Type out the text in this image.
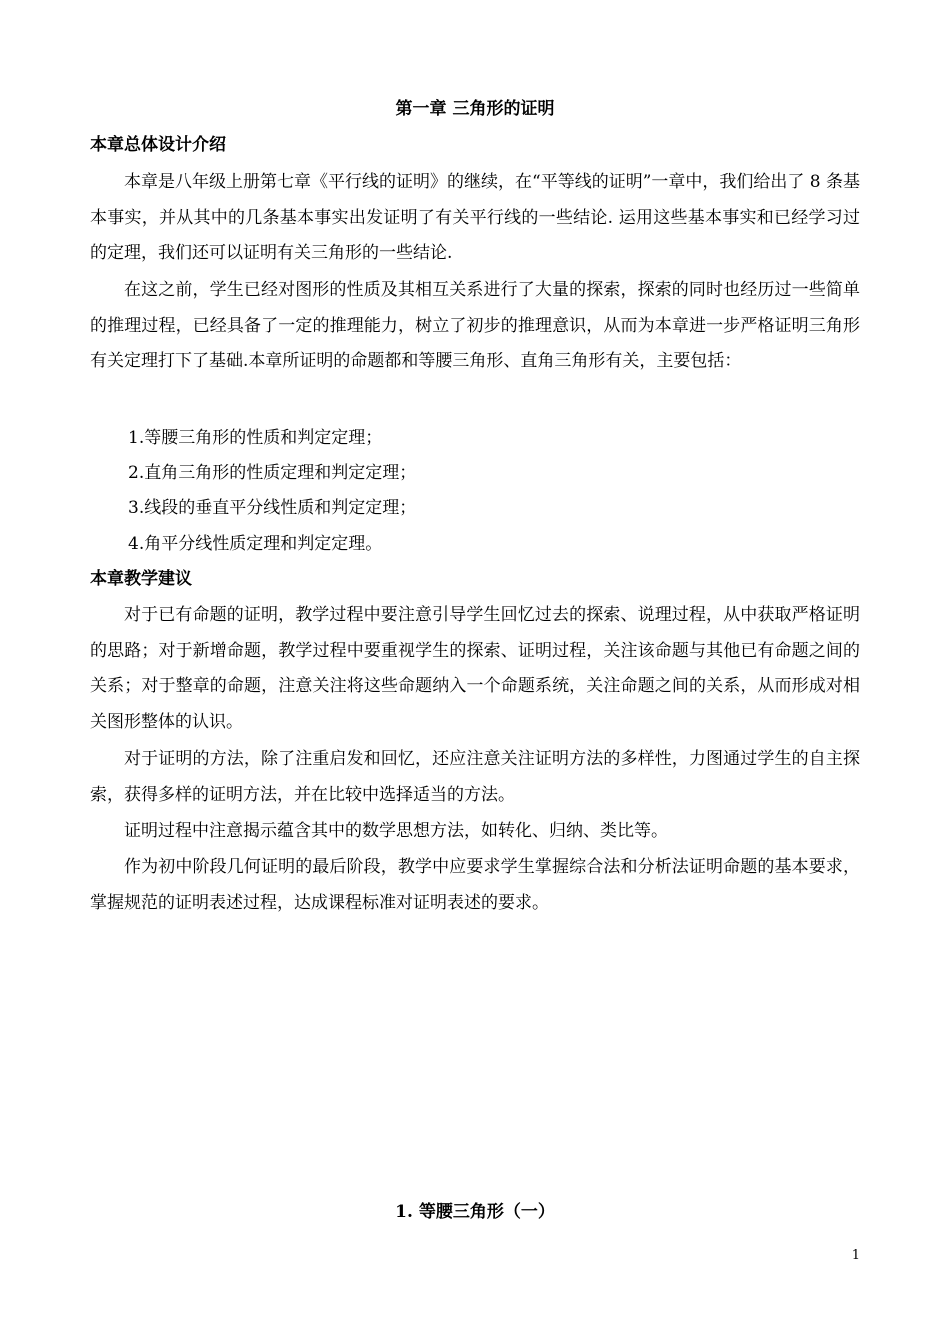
第一章 三角形的证明
本章总体设计介绍

本章是八年级上册第七章《平行线的证明》的继续，在“平等线的证明”一章中，我们给出了 8 条基本事实，并从其中的几条基本事实出发证明了有关平行线的一些结论. 运用这些基本事实和已经学习过的定理，我们还可以证明有关三角形的一些结论.

在这之前，学生已经对图形的性质及其相互关系进行了大量的探索，探索的同时也经历过一些简单的推理过程，已经具备了一定的推理能力，树立了初步的推理意识，从而为本章进一步严格证明三角形有关定理打下了基础.本章所证明的命题都和等腰三角形、直角三角形有关，主要包括：

1.等腰三角形的性质和判定定理；

2.直角三角形的性质定理和判定定理；

3.线段的垂直平分线性质和判定定理；

4.角平分线性质定理和判定定理。

本章教学建议

对于已有命题的证明，教学过程中要注意引导学生回忆过去的探索、说理过程，从中获取严格证明的思路；对于新增命题，教学过程中要重视学生的探索、证明过程，关注该命题与其他已有命题之间的关系；对于整章的命题，注意关注将这些命题纳入一个命题系统，关注命题之间的关系，从而形成对相关图形整体的认识。

对于证明的方法，除了注重启发和回忆，还应注意关注证明方法的多样性，力图通过学生的自主探索，获得多样的证明方法，并在比较中选择适当的方法。

证明过程中注意揭示蕴含其中的数学思想方法，如转化、归纳、类比等。

作为初中阶段几何证明的最后阶段，教学中应要求学生掌握综合法和分析法证明命题的基本要求，掌握规范的证明表述过程，达成课程标准对证明表述的要求。

1. 等腰三角形（一）
1
